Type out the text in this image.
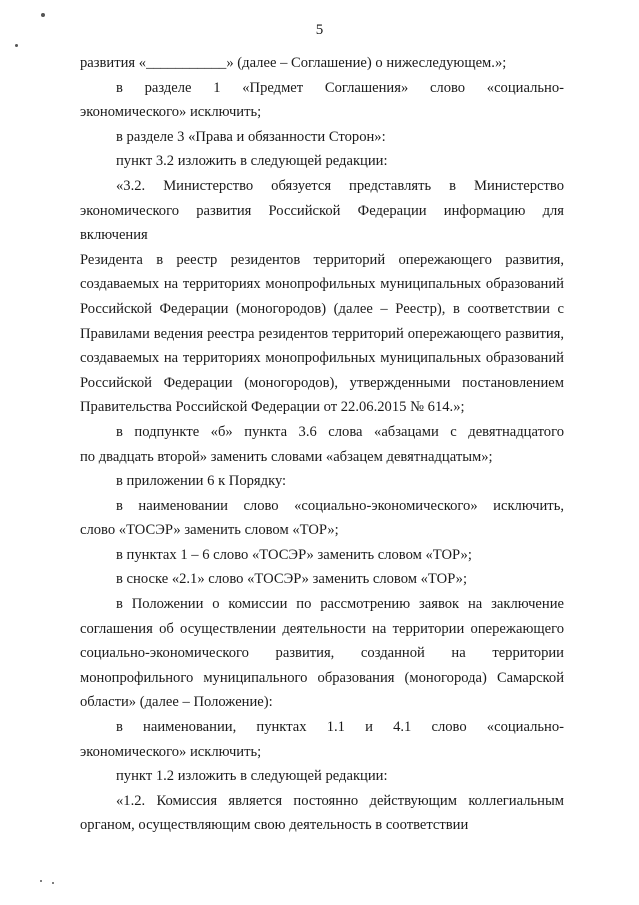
5

развития «___________» (далее – Соглашение) о нижеследующем.»;

в разделе 1 «Предмет Соглашения» слово «социально-
экономического» исключить;

в разделе 3 «Права и обязанности Сторон»:

пункт 3.2 изложить в следующей редакции:

«3.2. Министерство обязуется представлять в Министерство
экономического развития Российской Федерации информацию для включения
Резидента в реестр резидентов территорий опережающего развития,
создаваемых на территориях монопрофильных муниципальных образований
Российской Федерации (моногородов) (далее – Реестр), в соответствии с
Правилами ведения реестра резидентов территорий опережающего развития,
создаваемых на территориях монопрофильных муниципальных образований
Российской Федерации (моногородов), утвержденными постановлением
Правительства Российской Федерации от 22.06.2015 № 614.»;

в подпункте «б» пункта 3.6 слова «абзацами с девятнадцатого
по двадцать второй» заменить словами «абзацем девятнадцатым»;

в приложении 6 к Порядку:

в наименовании слово «социально-экономического» исключить,
слово «ТОСЭР» заменить словом «ТОР»;

в пунктах 1 – 6 слово «ТОСЭР» заменить словом «ТОР»;

в сноске «2.1» слово «ТОСЭР» заменить словом «ТОР»;

в Положении о комиссии по рассмотрению заявок на заключение
соглашения об осуществлении деятельности на территории опережающего
социально-экономического развития, созданной на территории
монопрофильного муниципального образования (моногорода) Самарской
области» (далее – Положение):

в наименовании, пунктах 1.1 и 4.1 слово «социально-
экономического» исключить;

пункт 1.2 изложить в следующей редакции:

«1.2. Комиссия является постоянно действующим коллегиальным
органом, осуществляющим свою деятельность в соответствии
